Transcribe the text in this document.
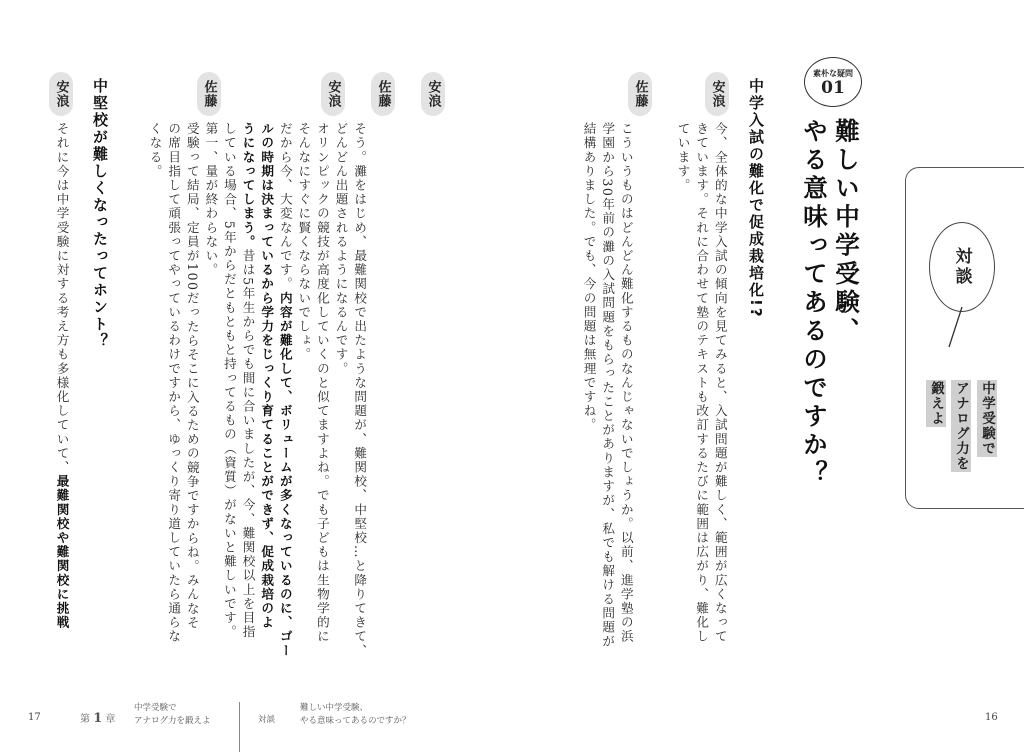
対談
中学受験で
アナログ力を
鍛えよ
素朴な疑問
01
難しい中学受験、
やる意味ってあるのですか？
中学入試の難化で促成栽培化!?
安浪
今、全体的な中学入試の傾向を見てみると、入試問題が難しく、範囲が広くなって
きています。それに合わせて塾のテキストも改訂するたびに範囲は広がり、難化し
ています。
佐藤
こういうものはどんどん難化するものなんじゃないでしょうか。以前、進学塾の浜
学園から30年前の灘の入試問題をもらったことがありますが、私でも解ける問題が
結構ありました。でも、今の問題は無理ですね。
安浪
佐藤
安浪
佐藤
そう。灘をはじめ、最難関校で出たような問題が、難関校、中堅校…と降りてきて、
どんどん出題されるようになるんです。
オリンピックの競技が高度化していくのと似てますよね。でも子どもは生物学的に
そんなにすぐに賢くならないでしょ。
だから今、大変なんです。内容が難化して、ボリュームが多くなっているのに、ゴー
ルの時期は決まっているから学力をじっくり育てることができず、促成栽培のよ
うになってしまう。昔は5年生からでも間に合いましたが、今、難関校以上を目指
している場合、5年からだともともと持ってるもの（資質）がないと難しいです。
第一、量が終わらない。
受験って結局、定員が100だったらそこに入るための競争ですからね。みんなそ
の席目指して頑張ってやっているわけですから、ゆっくり寄り道していたら通らな
くなる。
中堅校が難しくなったってホント？
安浪
それに今は中学受験に対する考え方も多様化していて、最難関校や難関校に挑戦
17	第 1 章
中学受験で
アナログ力を鍛えよ	対談
難しい中学受験、
やる意味ってあるのですか？	16
